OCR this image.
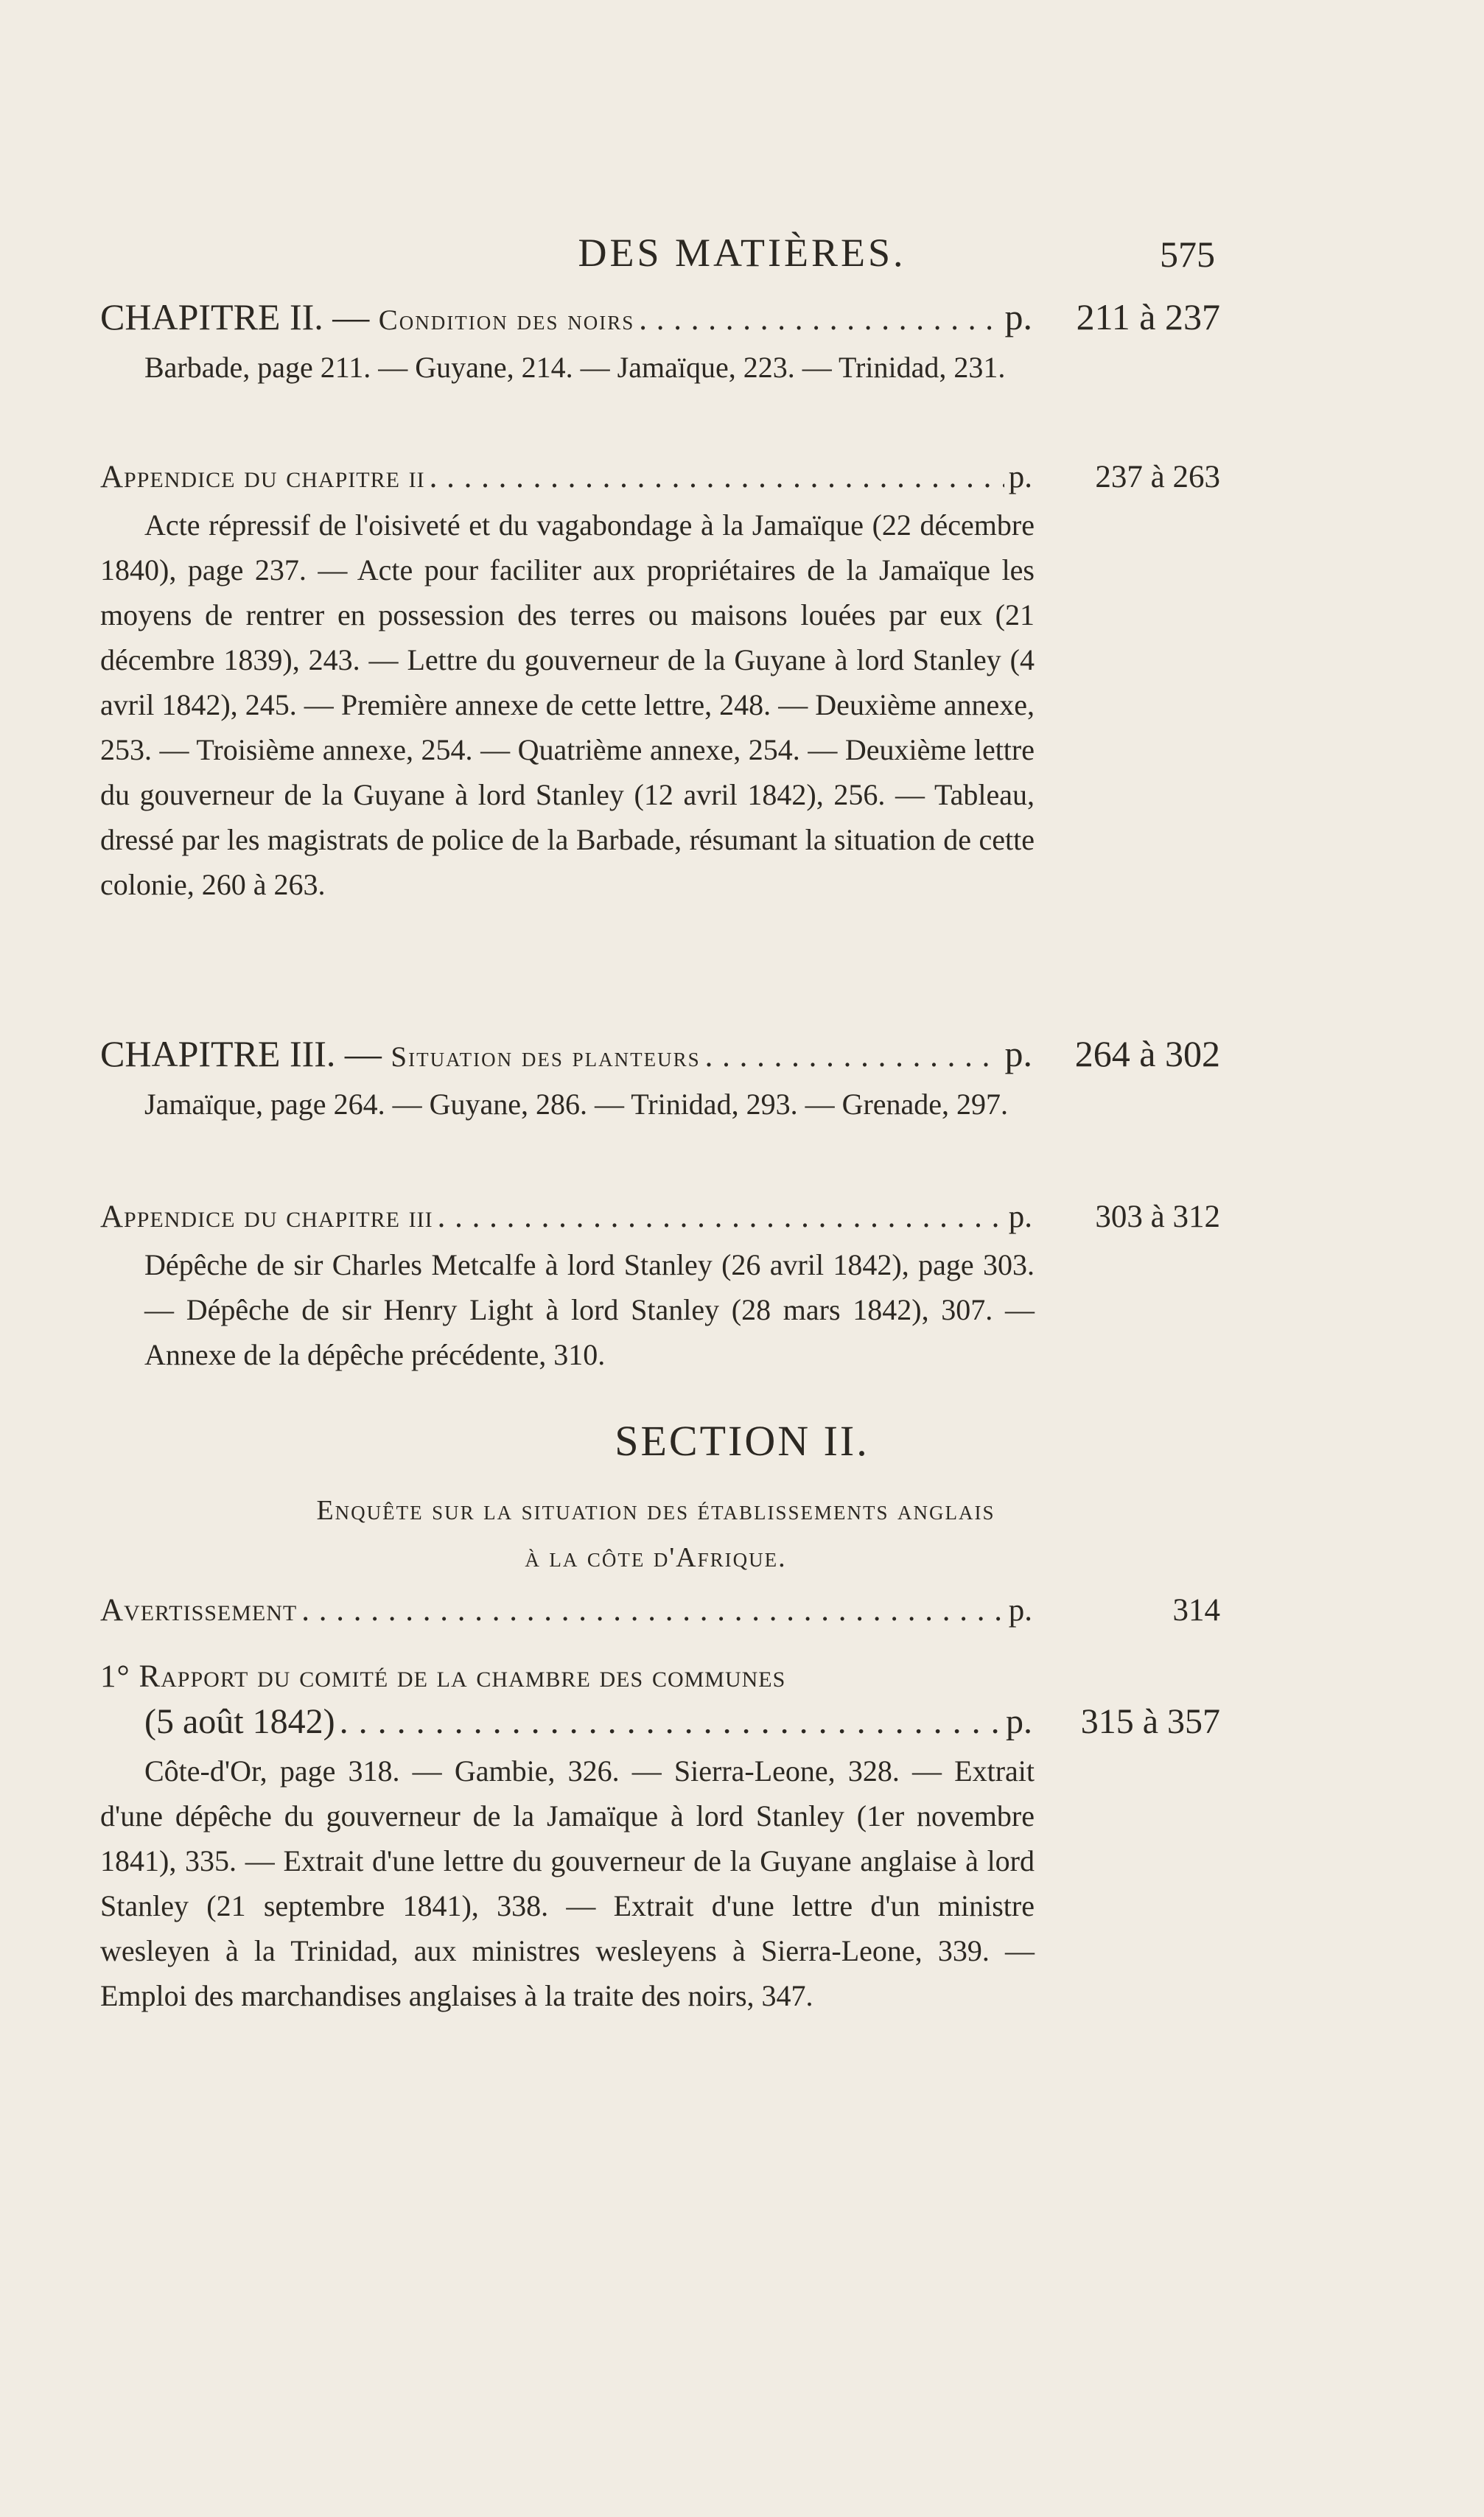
DES MATIÈRES.	575
CHAPITRE II. — Condition des noirs . . .	p.	211 à 237

Barbade, page 211. — Guyane, 214. — Jamaïque, 223. — Trinidad, 231.

Appendice du chapitre ii . . .	p.	237 à 263

Acte répressif de l'oisiveté et du vagabondage à la Jamaïque (22 décembre 1840), page 237. — Acte pour faciliter aux propriétaires de la Jamaïque les moyens de rentrer en possession des terres ou maisons louées par eux (21 décembre 1839), 243. — Lettre du gouverneur de la Guyane à lord Stanley (4 avril 1842), 245. — Première annexe de cette lettre, 248. — Deuxième annexe, 253. — Troisième annexe, 254. — Quatrième annexe, 254. — Deuxième lettre du gouverneur de la Guyane à lord Stanley (12 avril 1842), 256. — Tableau, dressé par les magistrats de police de la Barbade, résumant la situation de cette colonie, 260 à 263.

CHAPITRE III. — Situation des planteurs . . .	p.	264 à 302

Jamaïque, page 264. — Guyane, 286. — Trinidad, 293. — Grenade, 297.

Appendice du chapitre iii . . .	p.	303 à 312

Dépêche de sir Charles Metcalfe à lord Stanley (26 avril 1842), page 303. — Dépêche de sir Henry Light à lord Stanley (28 mars 1842), 307. — Annexe de la dépêche précédente, 310.

Avertissement . . .	p.	314
1° Rapport du comité de la chambre des communes
(5 août 1842) . . .	p.	315 à 357

Côte-d'Or, page 318. — Gambie, 326. — Sierra-Leone, 328. — Extrait d'une dépêche du gouverneur de la Jamaïque à lord Stanley (1er novembre 1841), 335. — Extrait d'une lettre du gouverneur de la Guyane anglaise à lord Stanley (21 septembre 1841), 338. — Extrait d'une lettre d'un ministre wesleyen à la Trinidad, aux ministres wesleyens à Sierra-Leone, 339. — Emploi des marchandises anglaises à la traite des noirs, 347.

SECTION II.
Enquête sur la situation des établissements anglais
à la côte d'Afrique.
